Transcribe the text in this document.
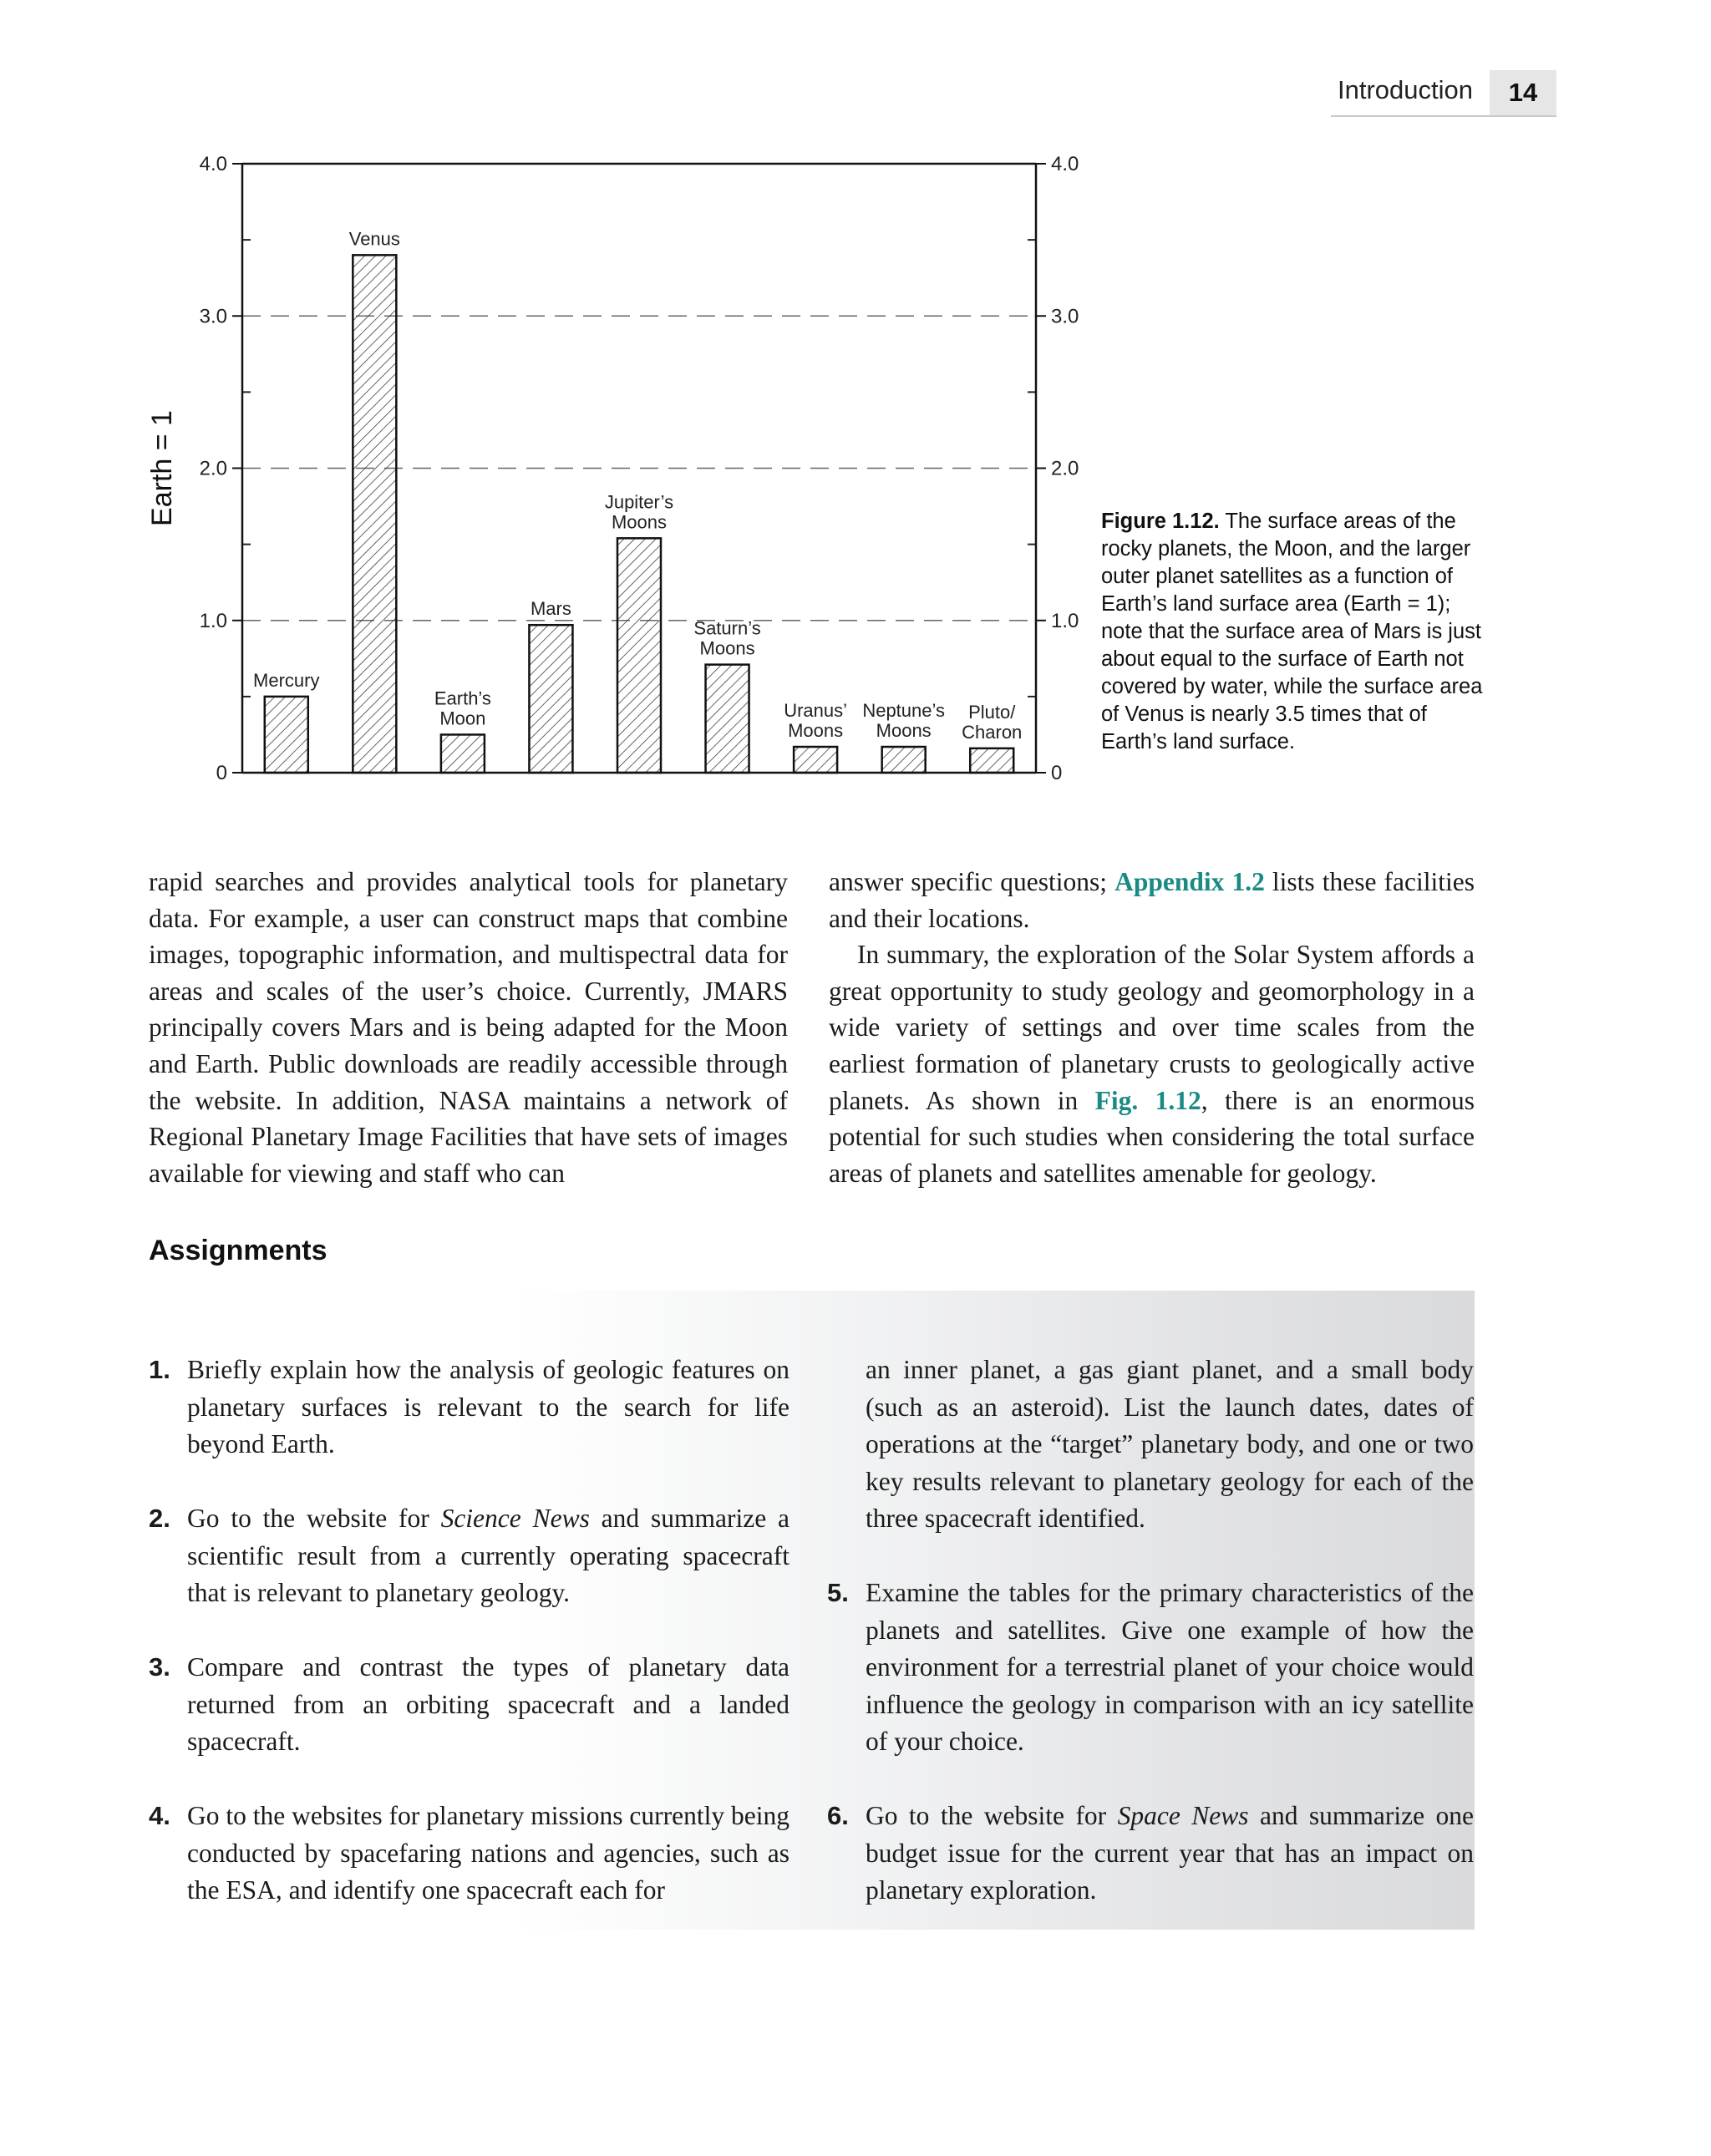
Introduction	14
0	0
1.0	1.0
2.0	2.0
3.0	3.0
4.0	4.0
Earth = 1
Mercury
Venus
Earth’s
Moon
Mars
Jupiter’s
Moons
Saturn’s
Moons
Uranus’
Moons
Neptune’s
Moons
Pluto/
Charon
Figure 1.12. The surface areas of the rocky planets, the Moon, and the larger outer planet satellites as a function of Earth’s land surface area (Earth = 1); note that the surface area of Mars is just about equal to the surface of Earth not covered by water, while the surface area of Venus is nearly 3.5 times that of Earth’s land surface.

rapid searches and provides analytical tools for planetary data. For example, a user can construct maps that combine images, topographic information, and multispectral data for areas and scales of the user’s choice. Currently, JMARS principally covers Mars and is being adapted for the Moon and Earth. Public downloads are readily accessible through the website. In addition, NASA maintains a network of Regional Planetary Image Facilities that have sets of images available for viewing and staff who can

answer specific questions; Appendix 1.2 lists these facilities and their locations.

In summary, the exploration of the Solar System affords a great opportunity to study geology and geomorphology in a wide variety of settings and over time scales from the earliest formation of planetary crusts to geologically active planets. As shown in Fig. 1.12, there is an enormous potential for such studies when considering the total surface areas of planets and satellites amenable for geology.

Assignments
1. Briefly explain how the analysis of geologic features on planetary surfaces is relevant to the search for life beyond Earth.
2. Go to the website for Science News and summarize a scientific result from a currently operating spacecraft that is relevant to planetary geology.
3. Compare and contrast the types of planetary data returned from an orbiting spacecraft and a landed spacecraft.
4. Go to the websites for planetary missions currently being conducted by spacefaring nations and agencies, such as the ESA, and identify one spacecraft each for
an inner planet, a gas giant planet, and a small body (such as an asteroid). List the launch dates, dates of operations at the “target” planetary body, and one or two key results relevant to planetary geology for each of the three spacecraft identified.
5. Examine the tables for the primary characteristics of the planets and satellites. Give one example of how the environment for a terrestrial planet of your choice would influence the geology in comparison with an icy satellite of your choice.
6. Go to the website for Space News and summarize one budget issue for the current year that has an impact on planetary exploration.
